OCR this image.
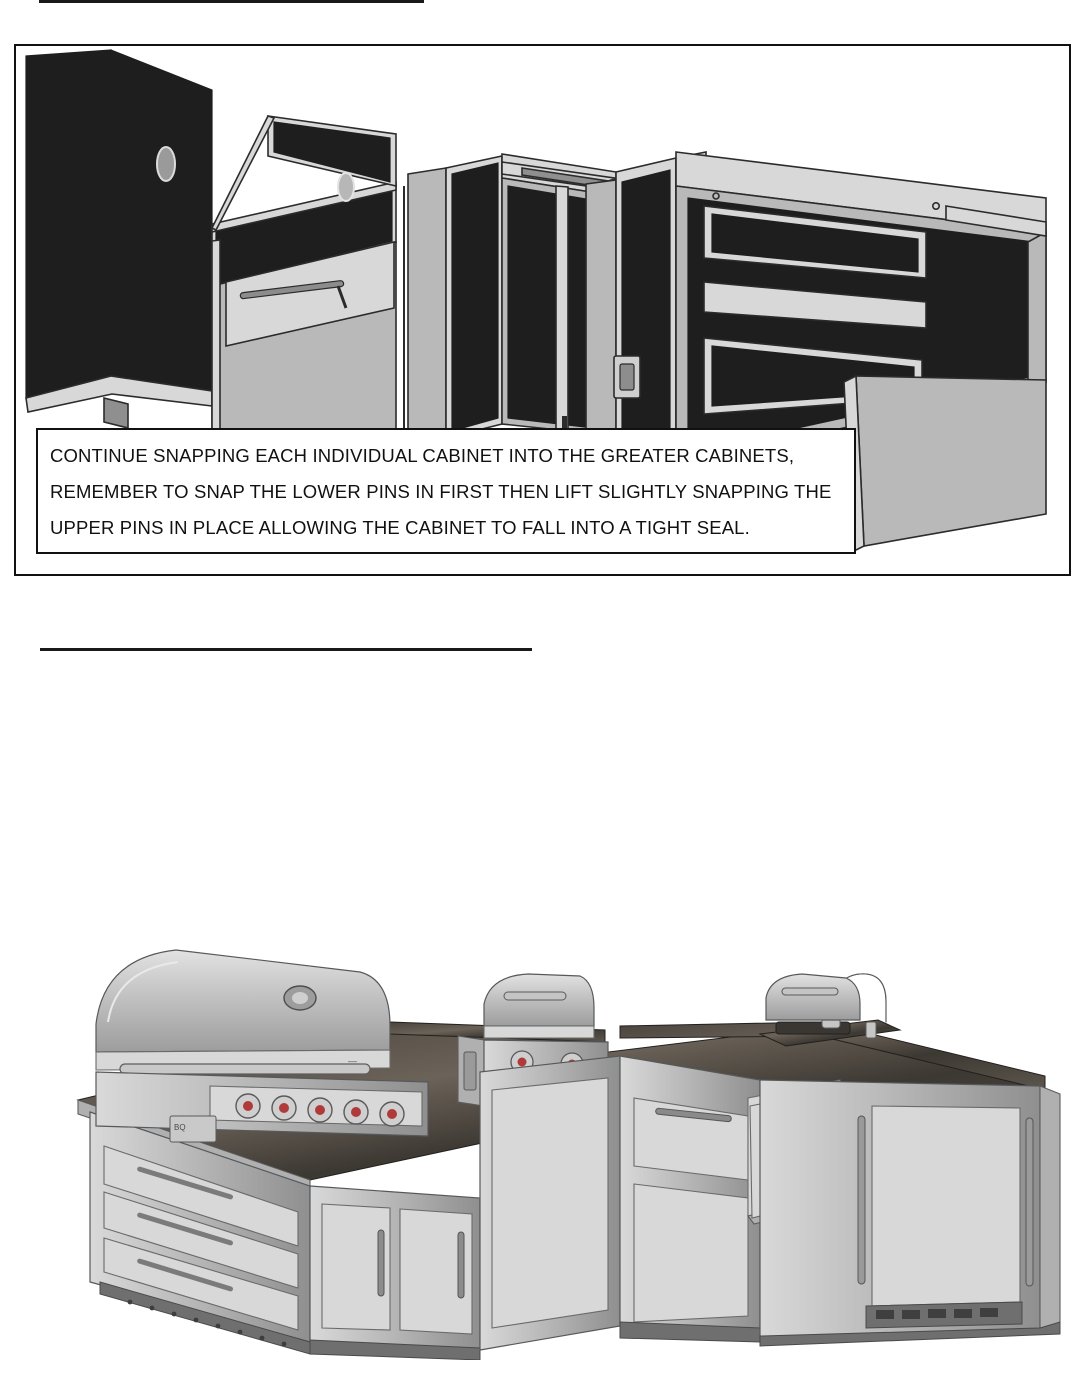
CONTINUE SNAPPING EACH INDIVIDUAL CABINET INTO THE GREATER CABINETS,
REMEMBER TO SNAP THE LOWER PINS IN FIRST THEN LIFT SLIGHTLY SNAPPING THE
UPPER PINS IN PLACE ALLOWING THE CABINET TO FALL INTO A TIGHT SEAL.
—
BQ
